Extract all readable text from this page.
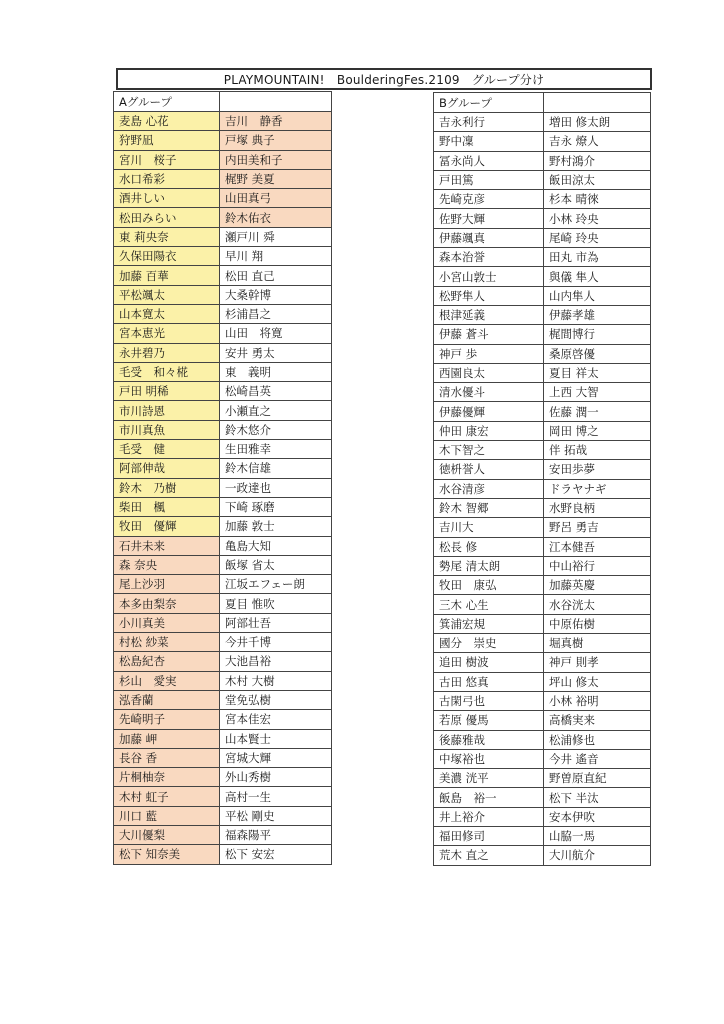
PLAYMOUNTAIN!　BoulderingFes.2109　グループ分け
Aグループ	
麦島 心花	吉川　静香
狩野凪	戸塚 典子
宮川　桜子	内田美和子
水口希彩	梶野 美夏
酒井しい	山田真弓
松田みらい	鈴木佑衣
東 莉央奈	瀬戸川 舜
久保田陽衣	早川 翔
加藤 百華	松田 直己
平松颯太	大桑幹博
山本寛太	杉浦昌之
宮本恵光	山田　将寛
永井碧乃	安井 勇太
毛受　和々椛	東　義明
戸田 明稀	松崎昌英
市川詩恩	小瀬直之
市川真魚	鈴木悠介
毛受　健	生田雅幸
阿部伸哉	鈴木信雄
鈴木　乃樹	一政達也
柴田　楓	下崎 琢磨
牧田　優輝	加藤 敦士
石井未来	亀島大知
森 奈央	飯塚 省太
尾上沙羽	江坂エフェー朗
本多由梨奈	夏目 惟吹
小川真美	阿部壮吾
村松 紗菜	今井千博
松島紀杏	大池昌裕
杉山　愛実	木村 大樹
泓香蘭	堂免弘樹
先崎明子	宮本佳宏
加藤 岬	山本賢士
長谷 香	宮城大輝
片桐柚奈	外山秀樹
木村 虹子	高村一生
川口 藍	平松 剛史
大川優梨	福森陽平
松下 知奈美	松下 安宏
Bグループ	
吉永利行	増田 修太朗
野中凜	吉永 燎人
冨永尚人	野村鴻介
戸田篤	飯田涼太
先崎克彦	杉本 晴徠
佐野大輝	小林 玲央
伊藤颯真	尾崎 玲央
森本治誉	田丸 市為
小宮山敦士	與儀 隼人
松野隼人	山内隼人
根津延義	伊藤孝雄
伊藤 蒼斗	梶間博行
神戸 歩	桑原啓優
西園良太	夏目 祥太
清水優斗	上西 大智
伊藤優輝	佐藤 潤一
仲田 康宏	岡田 博之
木下智之	伴 拓哉
徳枡誉人	安田歩夢
水谷清彦	ドラヤナギ
鈴木 智郷	水野良柄
吉川大	野呂 勇吉
松長 修	江本健吾
勢尾 清太朗	中山裕行
牧田　康弘	加藤英慶
三木 心生	水谷洸太
箕浦宏規	中原佑樹
國分　崇史	堀真樹
追田 樹波	神戸 則孝
古田 悠真	坪山 修太
古閑弓也	小林 裕明
若原 優馬	高橋実来
後藤雅哉	松浦修也
中塚裕也	今井 遙音
美濃 洸平	野曽原直紀
飯島　裕一	松下 半汰
井上裕介	安本伊吹
福田修司	山脇一馬
荒木 直之	大川航介
